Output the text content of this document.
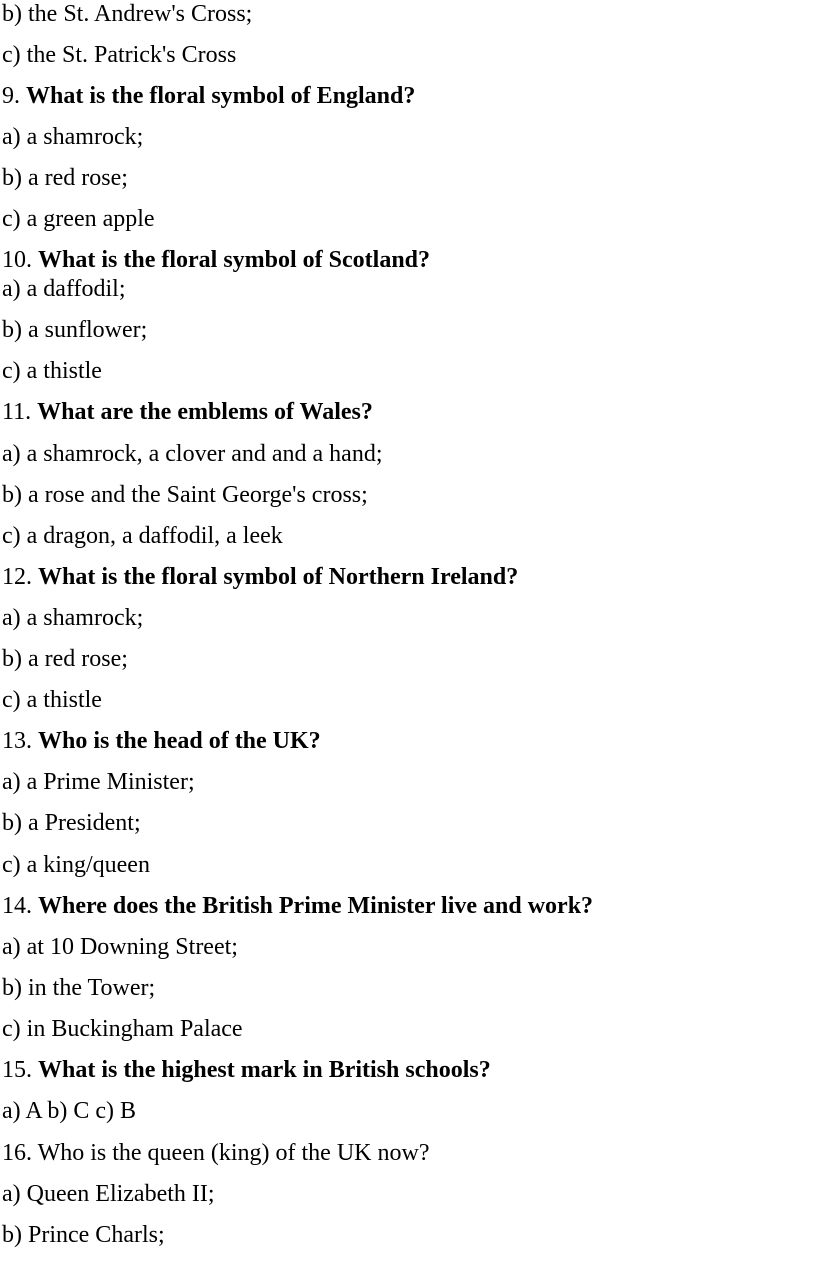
b) the St. Andrew's Cross;
c) the St. Patrick's Cross
9. What is the floral symbol of England?
a) a shamrock;
b) a red rose;
c) a green apple
10. What is the floral symbol of Scotland?
a) a daffodil;
b) a sunflower;
c) a thistle
11. What are the emblems of Wales?
a) a shamrock, a clover and and a hand;
b) a rose and the Saint George's cross;
c) a dragon, a daffodil, a leek
12. What is the floral symbol of Northern Ireland?
a) a shamrock;
b) a red rose;
c) a thistle
13. Who is the head of the UK?
a) a Prime Minister;
b) a President;
c) a king/queen
14. Where does the British Prime Minister live and work?
a) at 10 Downing Street;
b) in the Tower;
c) in Buckingham Palace
15. What is the highest mark in British schools?
a) A b) C c) B
16. Who is the queen (king) of the UK now?
a) Queen Elizabeth II;
b) Prince Charls;
